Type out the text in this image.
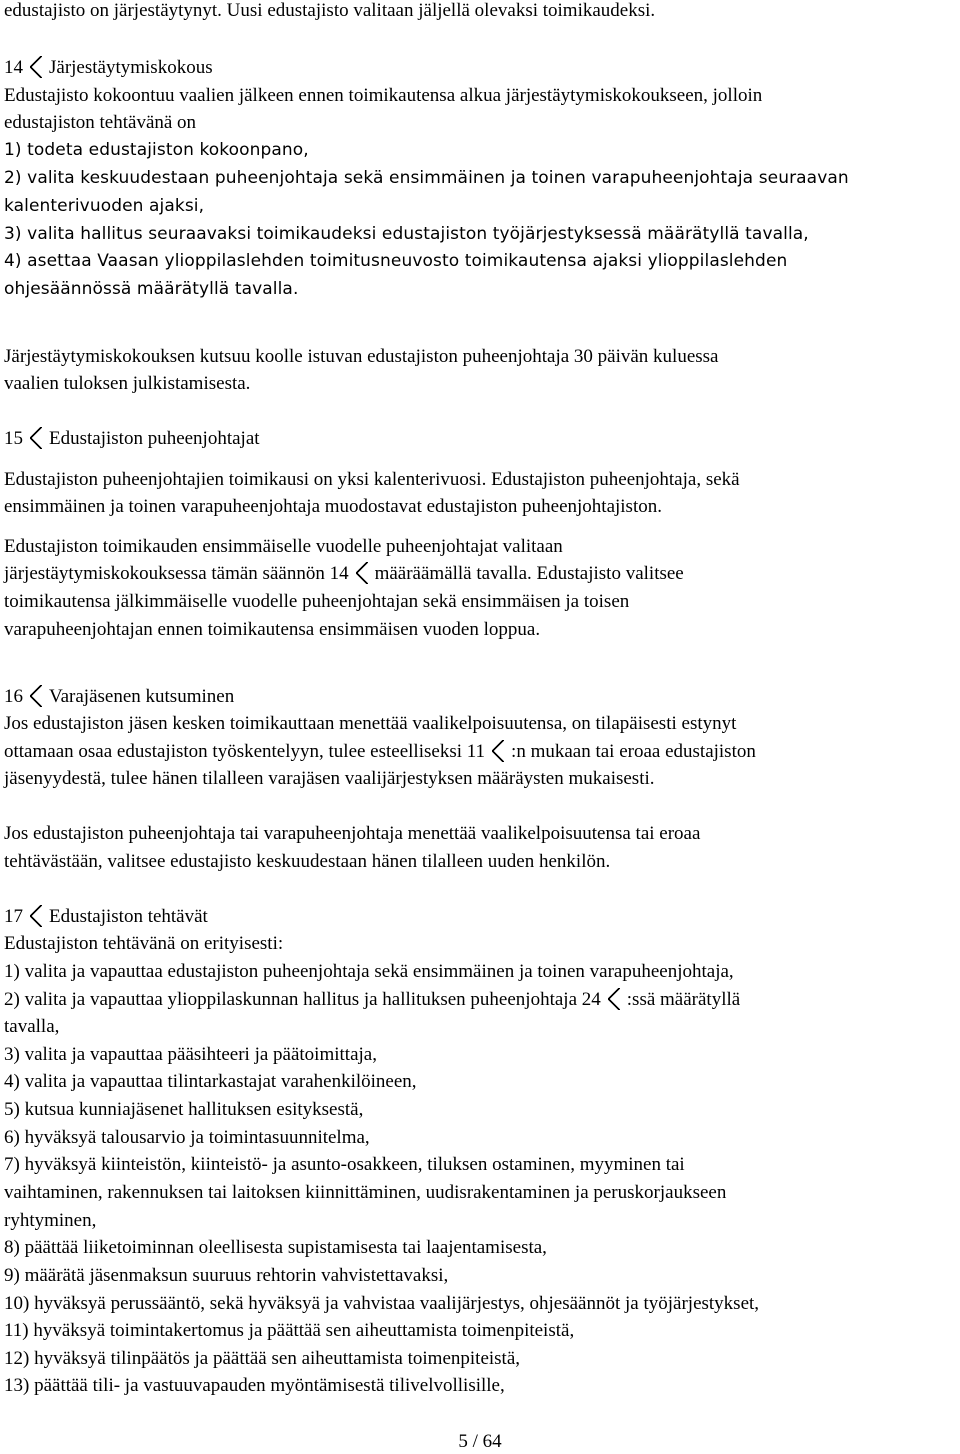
edustajisto on järjestäytynyt. Uusi edustajisto valitaan jäljellä olevaksi toimikaudeksi.
14 Järjestäytymiskokous
Edustajisto kokoontuu vaalien jälkeen ennen toimikautensa alkua järjestäytymiskokoukseen, jolloin
edustajiston tehtävänä on
1) todeta edustajiston kokoonpano,
2) valita keskuudestaan puheenjohtaja sekä ensimmäinen ja toinen varapuheenjohtaja seuraavan
kalenterivuoden ajaksi,
3) valita hallitus seuraavaksi toimikaudeksi edustajiston työjärjestyksessä määrätyllä tavalla,
4) asettaa Vaasan ylioppilaslehden toimitusneuvosto toimikautensa ajaksi ylioppilaslehden
ohjesäännössä määrätyllä tavalla.
Järjestäytymiskokouksen kutsuu koolle istuvan edustajiston puheenjohtaja 30 päivän kuluessa
vaalien tuloksen julkistamisesta.
15 Edustajiston puheenjohtajat
Edustajiston puheenjohtajien toimikausi on yksi kalenterivuosi. Edustajiston puheenjohtaja, sekä
ensimmäinen ja toinen varapuheenjohtaja muodostavat edustajiston puheenjohtajiston.
Edustajiston toimikauden ensimmäiselle vuodelle puheenjohtajat valitaan
järjestäytymiskokouksessa tämän säännön 14 määräämällä tavalla. Edustajisto valitsee
toimikautensa jälkimmäiselle vuodelle puheenjohtajan sekä ensimmäisen ja toisen
varapuheenjohtajan ennen toimikautensa ensimmäisen vuoden loppua.
16 Varajäsenen kutsuminen
Jos edustajiston jäsen kesken toimikauttaan menettää vaalikelpoisuutensa, on tilapäisesti estynyt
ottamaan osaa edustajiston työskentelyyn, tulee esteelliseksi 11 :n mukaan tai eroaa edustajiston
jäsenyydestä, tulee hänen tilalleen varajäsen vaalijärjestyksen määräysten mukaisesti.
Jos edustajiston puheenjohtaja tai varapuheenjohtaja menettää vaalikelpoisuutensa tai eroaa
tehtävästään, valitsee edustajisto keskuudestaan hänen tilalleen uuden henkilön.
17 Edustajiston tehtävät
Edustajiston tehtävänä on erityisesti:
1) valita ja vapauttaa edustajiston puheenjohtaja sekä ensimmäinen ja toinen varapuheenjohtaja,
2) valita ja vapauttaa ylioppilaskunnan hallitus ja hallituksen puheenjohtaja 24 :ssä määrätyllä
tavalla,
3) valita ja vapauttaa pääsihteeri ja päätoimittaja,
4) valita ja vapauttaa tilintarkastajat varahenkilöineen,
5) kutsua kunniajäsenet hallituksen esityksestä,
6) hyväksyä talousarvio ja toimintasuunnitelma,
7) hyväksyä kiinteistön, kiinteistö- ja asunto-osakkeen, tiluksen ostaminen, myyminen tai
vaihtaminen, rakennuksen tai laitoksen kiinnittäminen, uudisrakentaminen ja peruskorjaukseen
ryhtyminen,
8) päättää liiketoiminnan oleellisesta supistamisesta tai laajentamisesta,
9) määrätä jäsenmaksun suuruus rehtorin vahvistettavaksi,
10) hyväksyä perussääntö, sekä hyväksyä ja vahvistaa vaalijärjestys, ohjesäännöt ja työjärjestykset,
11) hyväksyä toimintakertomus ja päättää sen aiheuttamista toimenpiteistä,
12) hyväksyä tilinpäätös ja päättää sen aiheuttamista toimenpiteistä,
13) päättää tili- ja vastuuvapauden myöntämisestä tilivelvollisille,
5 / 64
